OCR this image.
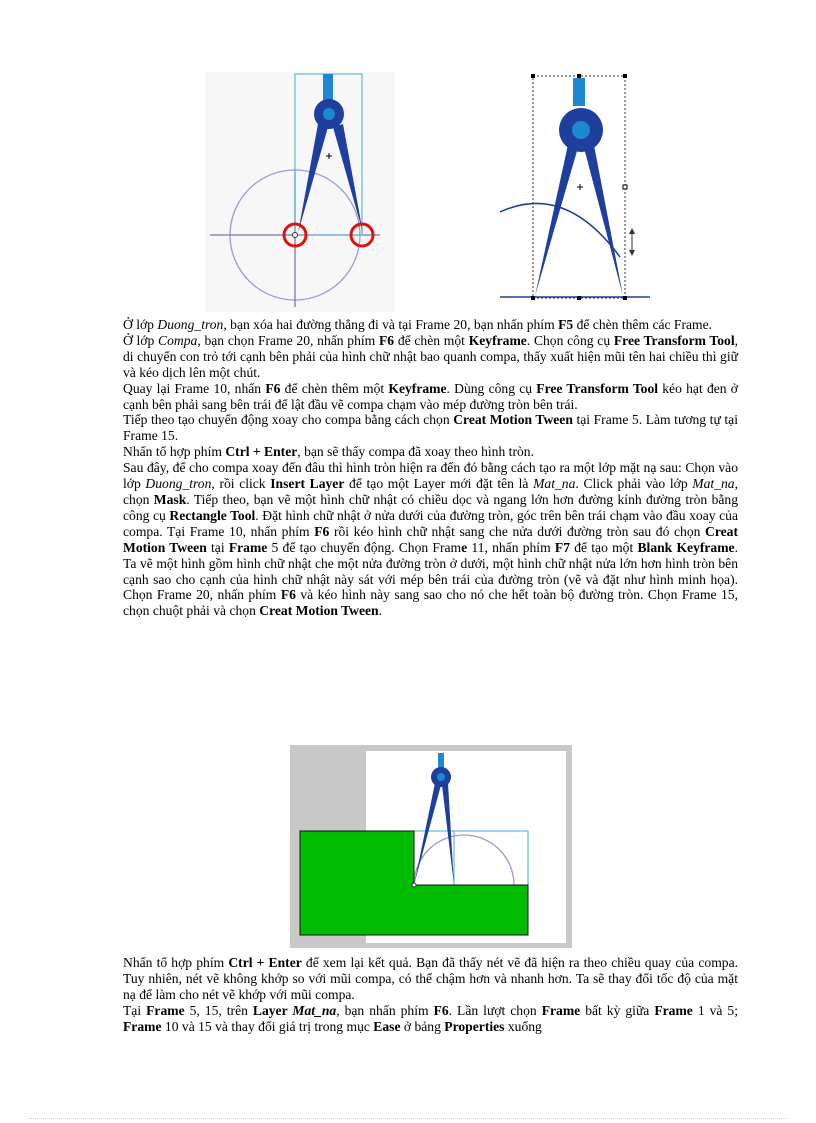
Ở lớp Duong_tron, bạn xóa hai đường thẳng đi và tại Frame 20, bạn nhấn phím F5 để chèn thêm các Frame.

Ở lớp Compa, bạn chọn Frame 20, nhấn phím F6 để chèn một Keyframe. Chọn công cụ Free Transform Tool, di chuyển con trỏ tới cạnh bên phải của hình chữ nhật bao quanh compa, thấy xuất hiện mũi tên hai chiều thì giữ và kéo dịch lên một chút.

Quay lại Frame 10, nhấn F6 để chèn thêm một Keyframe. Dùng công cụ Free Transform Tool kéo hạt đen ở cạnh bên phải sang bên trái để lật đầu vẽ compa chạm vào mép đường tròn bên trái.

Tiếp theo tạo chuyển động xoay cho compa bằng cách chọn Creat Motion Tween tại Frame 5. Làm tương tự tại Frame 15.

Nhấn tổ hợp phím Ctrl + Enter, bạn sẽ thấy compa đã xoay theo hình tròn.

Sau đây, để cho compa xoay đến đâu thì hình tròn hiện ra đến đó bằng cách tạo ra một lớp mặt nạ sau: Chọn vào lớp Duong_tron, rồi click Insert Layer để tạo một Layer mới đặt tên là Mat_na. Click phải vào lớp Mat_na, chọn Mask. Tiếp theo, bạn vẽ một hình chữ nhật có chiều dọc và ngang lớn hơn đường kính đường tròn bằng công cụ Rectangle Tool. Đặt hình chữ nhật ở nửa dưới của đường tròn, góc trên bên trái chạm vào đầu xoay của compa. Tại Frame 10, nhấn phím F6 rồi kéo hình chữ nhật sang che nửa dưới đường tròn sau đó chọn Creat Motion Tween tại Frame 5 để tạo chuyển động. Chọn Frame 11, nhấn phím F7 để tạo một Blank Keyframe. Ta vẽ một hình gồm hình chữ nhật che một nửa đường tròn ở dưới, một hình chữ nhật nửa lớn hơn hình tròn bên cạnh sao cho cạnh của hình chữ nhật này sát với mép bên trái của đường tròn (vẽ và đặt như hình minh họa). Chọn Frame 20, nhấn phím F6 và kéo hình này sang sao cho nó che hết toàn bộ đường tròn. Chọn Frame 15, chọn chuột phải và chọn Creat Motion Tween.

Nhấn tổ hợp phím Ctrl + Enter để xem lại kết quả. Bạn đã thấy nét vẽ đã hiện ra theo chiều quay của compa. Tuy nhiên, nét vẽ không khớp so với mũi compa, có thể chậm hơn và nhanh hơn. Ta sẽ thay đổi tốc độ của mặt nạ để làm cho nét vẽ khớp với mũi compa.

Tại Frame 5, 15, trên Layer Mat_na, bạn nhấn phím F6. Lần lượt chọn Frame bất kỳ giữa Frame 1 và 5; Frame 10 và 15 và thay đổi giá trị trong mục Ease ở bảng Properties xuống
